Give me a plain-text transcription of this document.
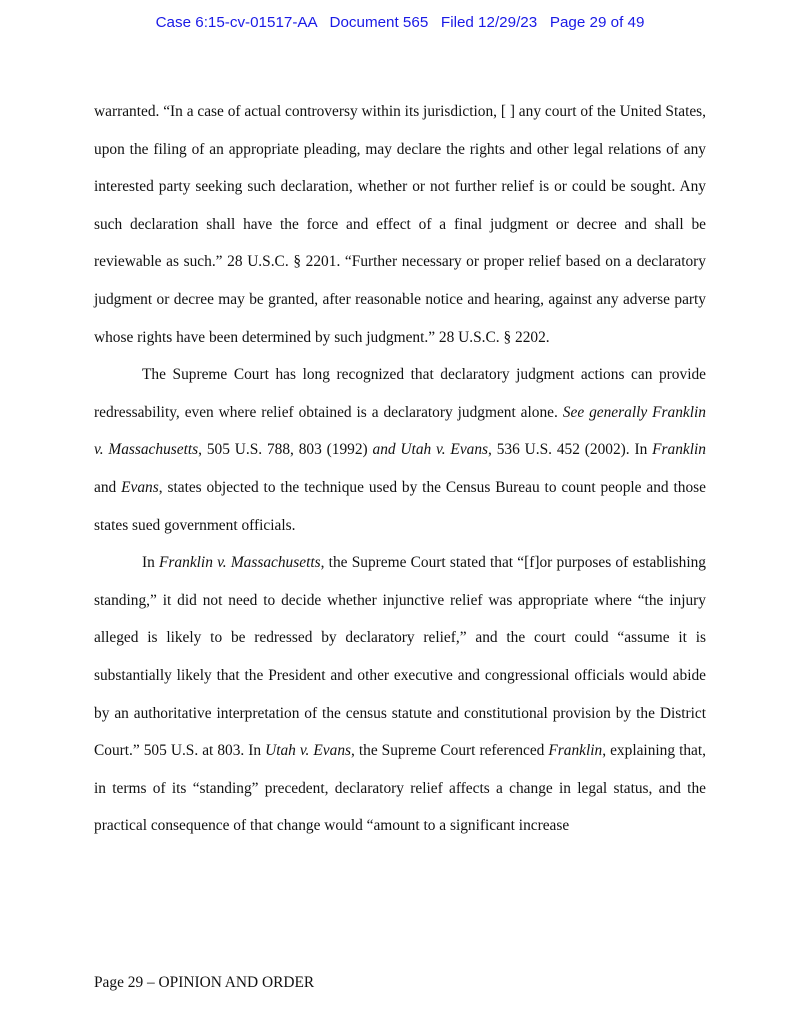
Case 6:15-cv-01517-AA   Document 565   Filed 12/29/23   Page 29 of 49

warranted. “In a case of actual controversy within its jurisdiction, [ ] any court of the United States, upon the filing of an appropriate pleading, may declare the rights and other legal relations of any interested party seeking such declaration, whether or not further relief is or could be sought. Any such declaration shall have the force and effect of a final judgment or decree and shall be reviewable as such.” 28 U.S.C. § 2201. “Further necessary or proper relief based on a declaratory judgment or decree may be granted, after reasonable notice and hearing, against any adverse party whose rights have been determined by such judgment.” 28 U.S.C. § 2202.

The Supreme Court has long recognized that declaratory judgment actions can provide redressability, even where relief obtained is a declaratory judgment alone. See generally Franklin v. Massachusetts, 505 U.S. 788, 803 (1992) and Utah v. Evans, 536 U.S. 452 (2002). In Franklin and Evans, states objected to the technique used by the Census Bureau to count people and those states sued government officials.

In Franklin v. Massachusetts, the Supreme Court stated that “[f]or purposes of establishing standing,” it did not need to decide whether injunctive relief was appropriate where “the injury alleged is likely to be redressed by declaratory relief,” and the court could “assume it is substantially likely that the President and other executive and congressional officials would abide by an authoritative interpretation of the census statute and constitutional provision by the District Court.” 505 U.S. at 803. In Utah v. Evans, the Supreme Court referenced Franklin, explaining that, in terms of its “standing” precedent, declaratory relief affects a change in legal status, and the practical consequence of that change would “amount to a significant increase

Page 29 – OPINION AND ORDER
